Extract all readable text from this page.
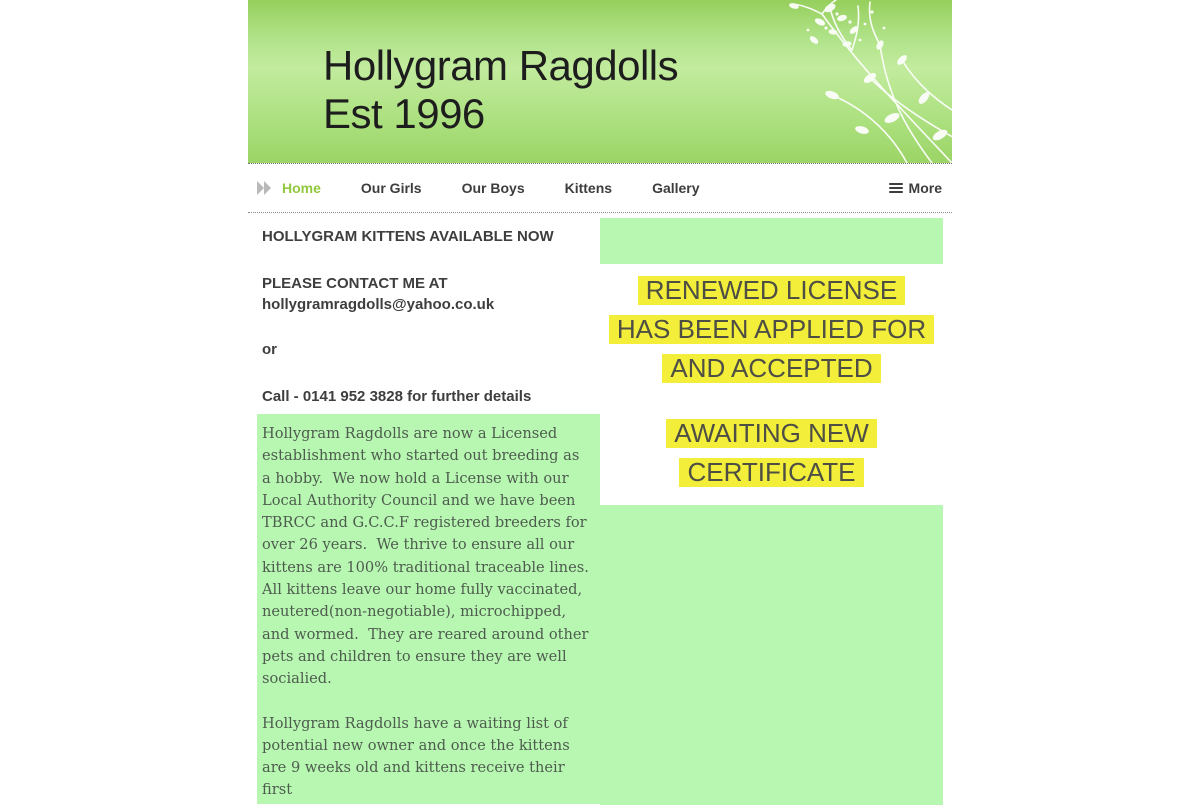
Hollygram Ragdolls
Est 1996
Home	Our Girls	Our Boys	Kittens	Gallery	More
HOLLYGRAM KITTENS AVAILABLE NOW
PLEASE CONTACT ME AT
hollygramragdolls@yahoo.co.uk
or
Call - 0141 952 3828 for further details

Hollygram Ragdolls are now a Licensed establishment who started out breeding as a hobby.  We now hold a License with our Local Authority Council and we have been TBRCC and G.C.C.F registered breeders for over 26 years.  We thrive to ensure all our kittens are 100% traditional traceable lines.  All kittens leave our home fully vaccinated, neutered(non-negotiable), microchipped, and wormed.  They are reared around other pets and children to ensure they are well socialied.

Hollygram Ragdolls have a waiting list of potential new owner and once the kittens are 9 weeks old and kittens receive their first

RENEWED LICENSE
HAS BEEN APPLIED FOR
AND ACCEPTED
AWAITING NEW
CERTIFICATE
